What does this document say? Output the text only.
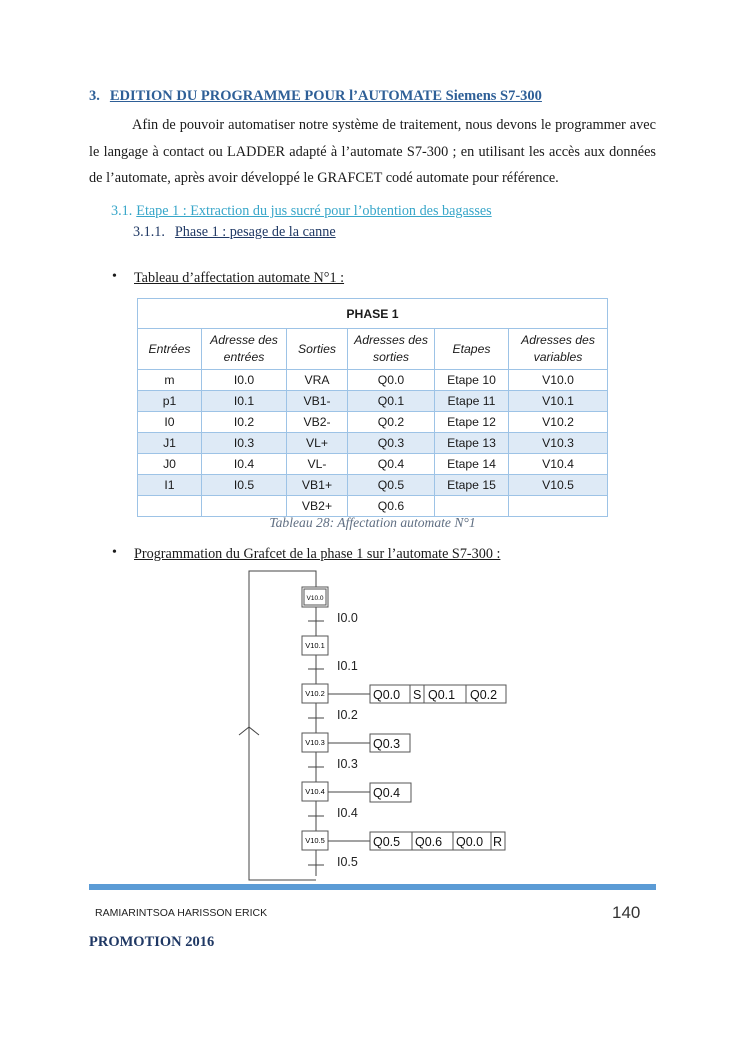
3. EDITION DU PROGRAMME POUR l’AUTOMATE Siemens S7-300
Afin de pouvoir automatiser notre système de traitement, nous devons le programmer avec le langage à contact ou LADDER adapté à l’automate S7-300 ; en utilisant les accès aux données de l’automate, après avoir développé le GRAFCET codé automate pour référence.
3.1. Etape 1 : Extraction du jus sucré pour l’obtention des bagasses
3.1.1. Phase 1 : pesage de la canne
• Tableau d’affectation automate N°1 :
PHASE 1					
Entrées	Adresse des entrées	Sorties	Adresses des sorties	Etapes	Adresses des variables
m	I0.0	VRA	Q0.0	Etape 10	V10.0
p1	I0.1	VB1-	Q0.1	Etape 11	V10.1
I0	I0.2	VB2-	Q0.2	Etape 12	V10.2
J1	I0.3	VL+	Q0.3	Etape 13	V10.3
J0	I0.4	VL-	Q0.4	Etape 14	V10.4
I1	I0.5	VB1+	Q0.5	Etape 15	V10.5
		VB2+	Q0.6		
Tableau 28: Affectation automate N°1
• Programmation du Grafcet de la phase 1 sur l’automate S7-300 :
V10.0
V10.1
V10.2
V10.3
V10.4
V10.5
I0.0
I0.1
I0.2
I0.3
I0.4
I0.5
Q0.0 S Q0.1 Q0.2
Q0.3
Q0.4
Q0.5 Q0.6 Q0.0 R
RAMIARINTSOA HARISSON ERICK	140
PROMOTION 2016
